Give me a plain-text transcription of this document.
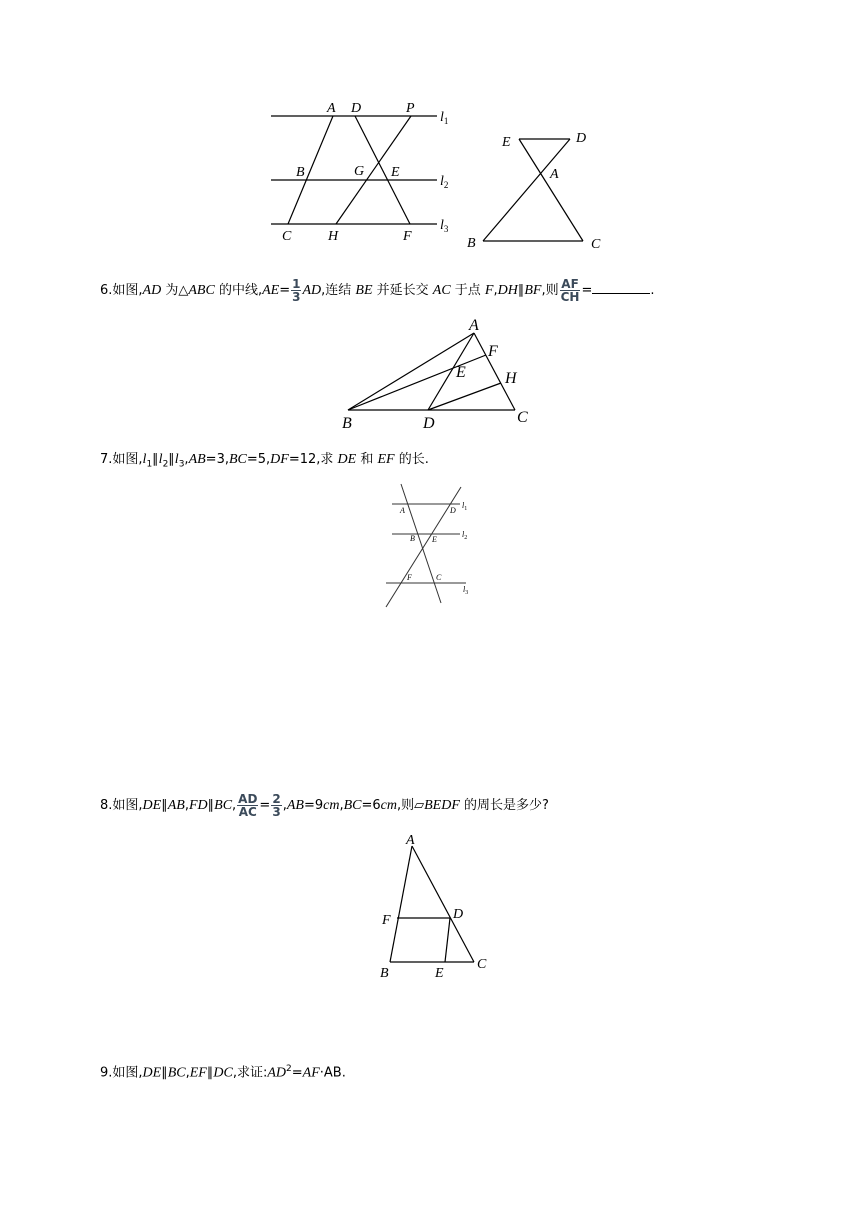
A D	P
B	G E
C	H	F
$l_1$
$l_2$
$l_3$
E	D
A
B	C
6.如图,AD 为△ABC 的中线$,AE= \frac{1}{3}$ AD,连结 BE 并延长交 AC 于点 F,DH∥BF,则 $\frac{AF}{CH}$ =	.
A
F
E H
B	D	C
7.如图$,l_1\parallel l_2\parallel l_3,AB=3,BC=5,DF=12$,求 DE 和 EF 的长.
A	D
B E
F	C
$l_1$
$l_2$
$l_3$
8.如图,DE∥AB,FD∥BC, $\frac{AD}{AC} = \frac{2}{3} ,AB=9cm,BC=6cm$,则▱BEDF 的周长是多少?
A
F	D
B	E
C
9.如图,DE∥BC,EF∥DC,求证$:AD^2=AF\cdot AB$.
